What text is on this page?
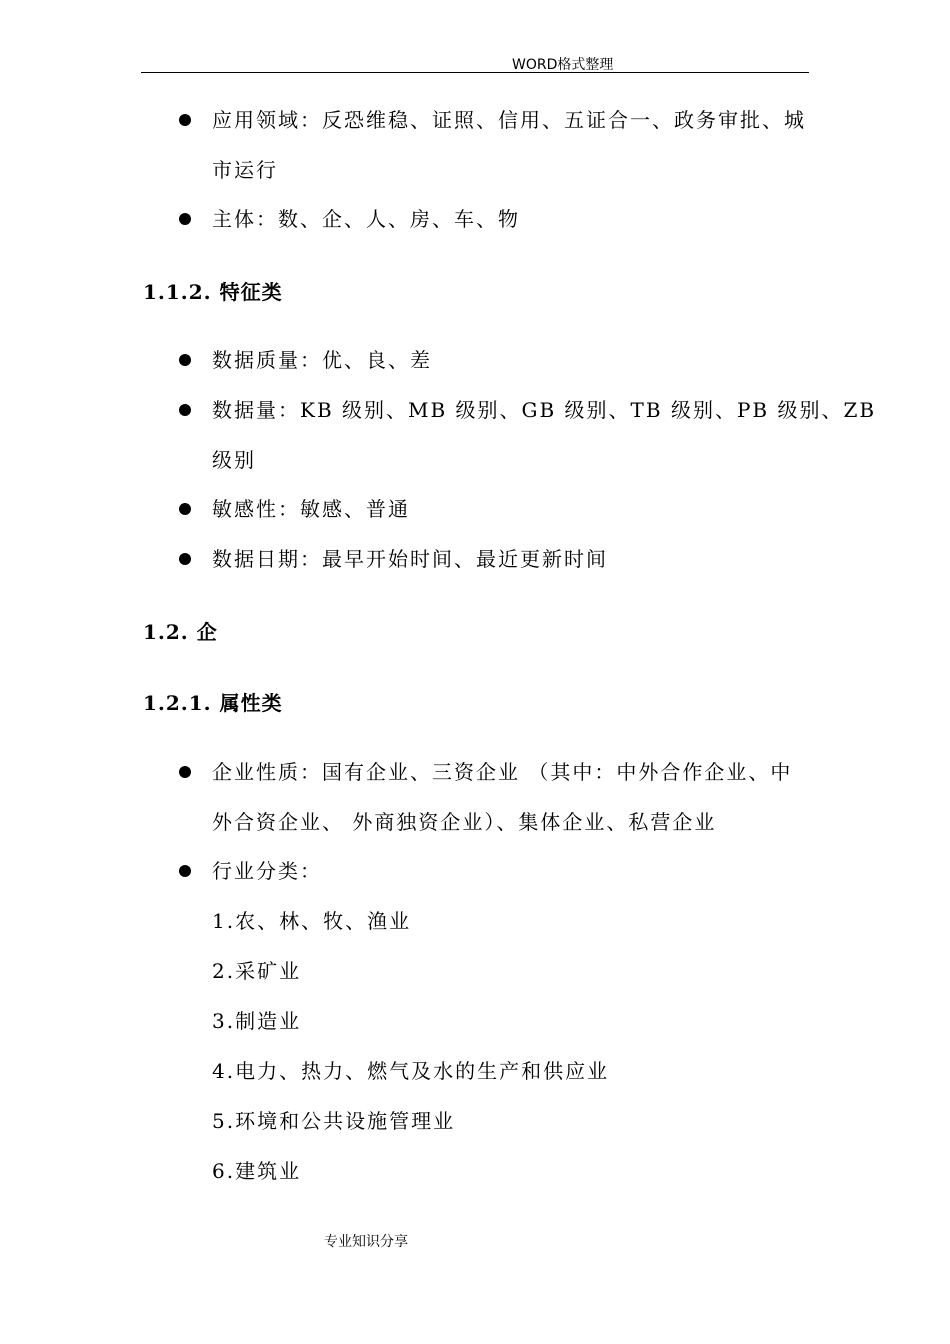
WORD格式整理
应用领域：反恐维稳、证照、信用、五证合一、政务审批、城
市运行
主体：数、企、人、房、车、物
1.1.2. 特征类
数据质量：优、良、差
数据量：KB 级别、MB 级别、GB 级别、TB 级别、PB 级别、ZB
级别
敏感性：敏感、普通
数据日期：最早开始时间、最近更新时间
1.2. 企
1.2.1. 属性类
企业性质：国有企业、三资企业 （其中：中外合作企业、中
外合资企业、 外商独资企业）、集体企业、私营企业
行业分类：
1.农、林、牧、渔业
2.采矿业
3.制造业
4.电力、热力、燃气及水的生产和供应业
5.环境和公共设施管理业
6.建筑业
专业知识分享
